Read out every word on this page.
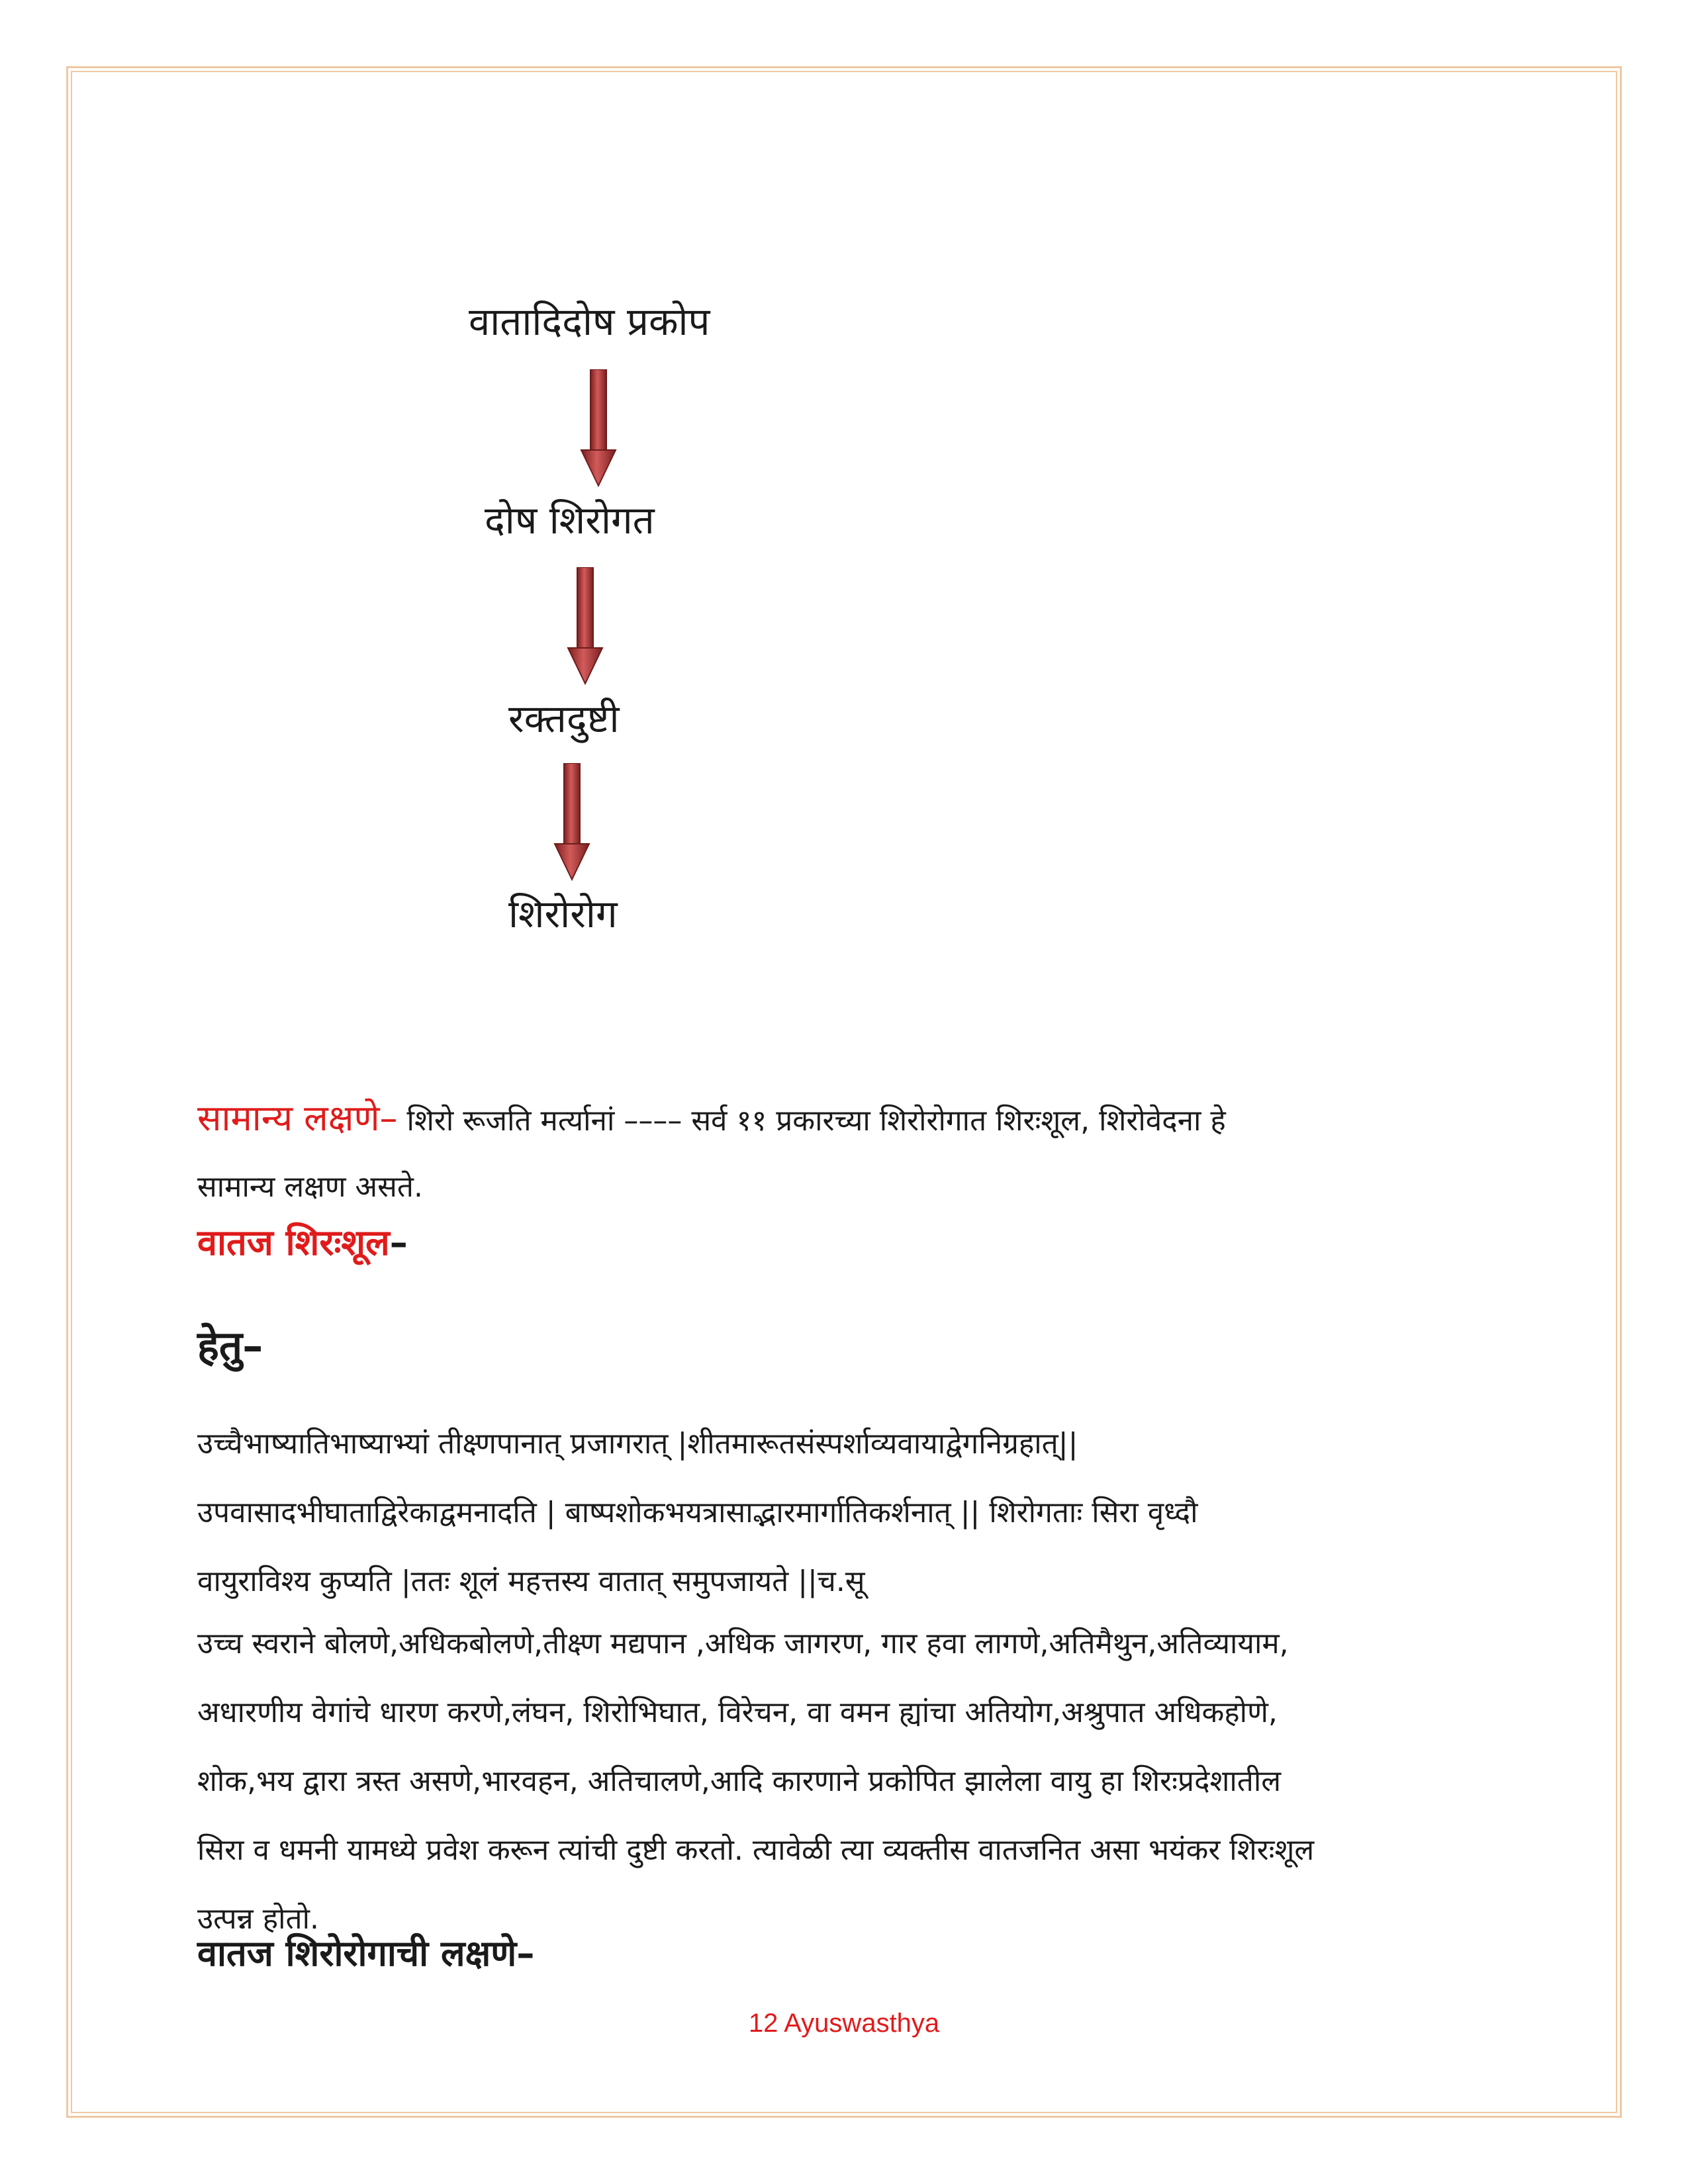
वातादिदोष प्रकोप
दोष शिरोगत
रक्तदुष्टी
शिरोरोग
सामान्य लक्षणे– शिरो रूजति मर्त्यानां –––– सर्व ११ प्रकारच्या शिरोरोगात शिरःशूल, शिरोवेदना हे
सामान्य लक्षण असते.
वातज शिरःशूल–
हेतु–
उच्चैभाष्यातिभाष्याभ्यां तीक्ष्णपानात् प्रजागरात् |शीतमारूतसंस्पर्शाव्यवायाद्वेगनिग्रहात्||
उपवासादभीघाताद्विरेकाद्वमनादति | बाष्पशोकभयत्रासाद्भारमार्गातिकर्शनात् || शिरोगताः सिरा वृध्दौ
वायुराविश्य कुप्यति |ततः शूलं महत्तस्य वातात् समुपजायते ||च.सू
उच्च स्वराने बोलणे,अधिकबोलणे,तीक्ष्ण मद्यपान ,अधिक जागरण, गार हवा लागणे,अतिमैथुन,अतिव्यायाम,
अधारणीय वेगांचे धारण करणे,लंघन, शिरोभिघात, विरेचन, वा वमन ह्यांचा अतियोग,अश्रुपात अधिकहोणे,
शोक,भय द्वारा त्रस्त असणे,भारवहन, अतिचालणे,आदि कारणाने प्रकोपित झालेला वायु हा शिरःप्रदेशातील
सिरा व धमनी यामध्ये प्रवेश करून त्यांची दुष्टी करतो. त्यावेळी त्या व्यक्तीस वातजनित असा भयंकर शिरःशूल
उत्पन्न होतो.
वातज शिरोरोगाची लक्षणे–
12 Ayuswasthya
